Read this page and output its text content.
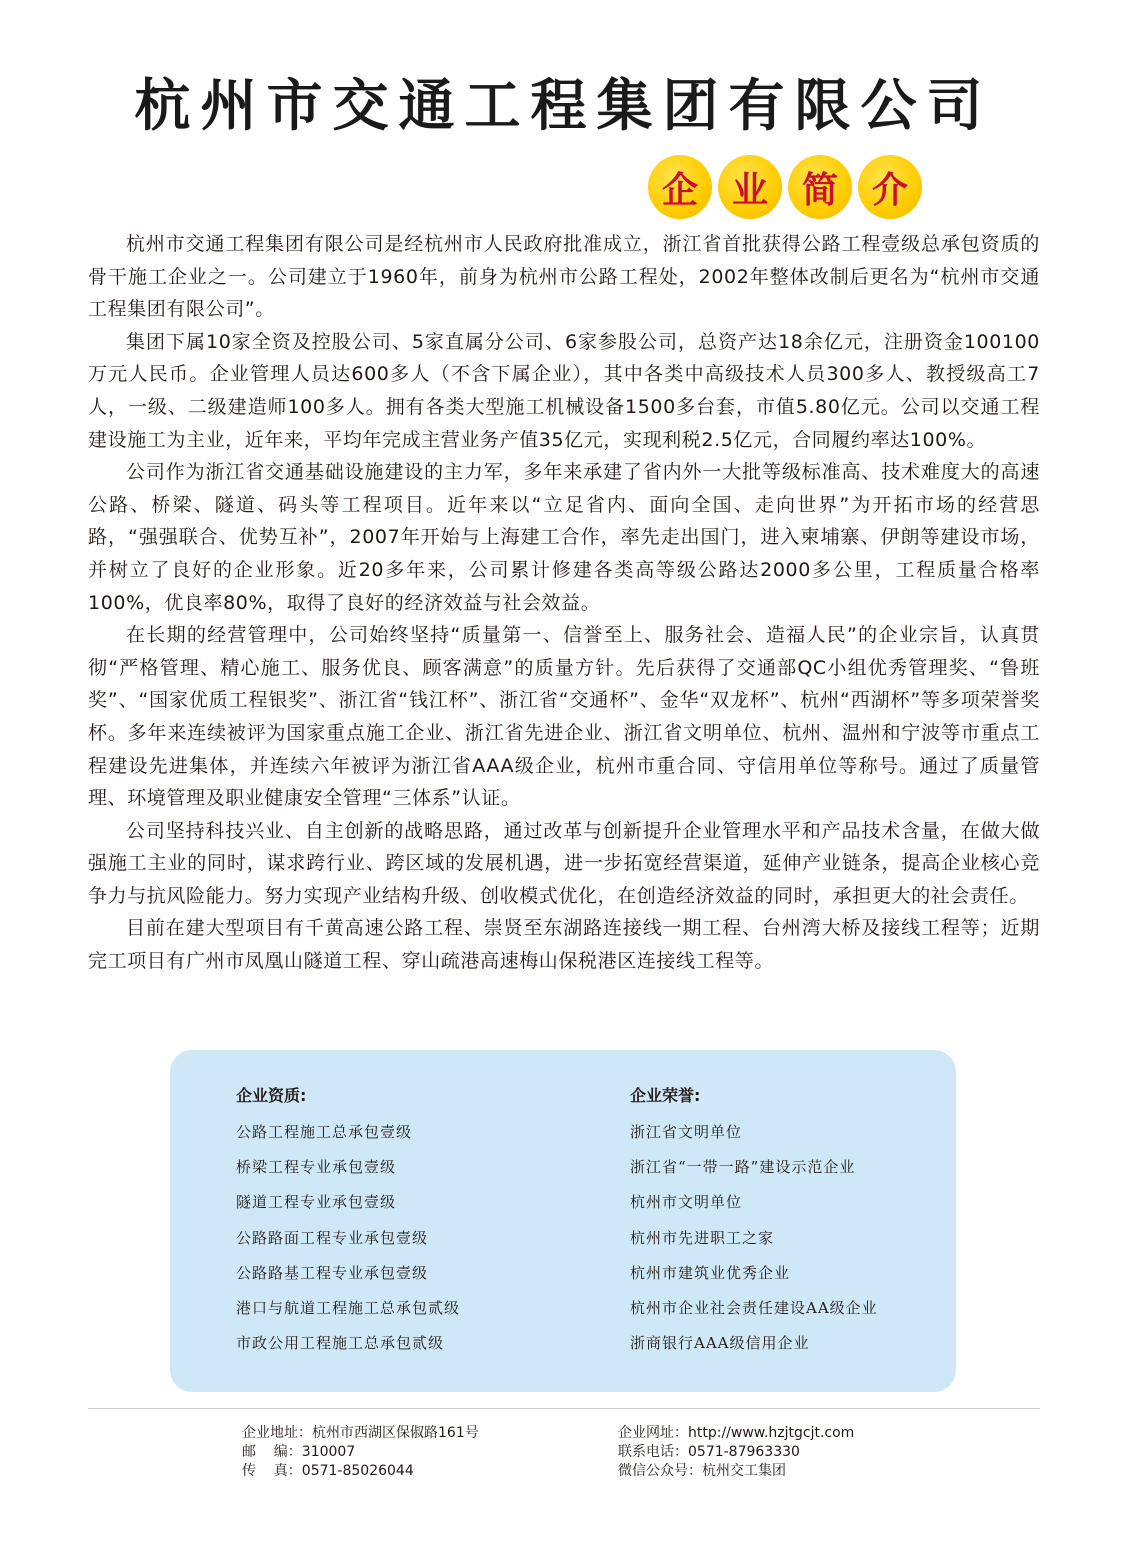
杭州市交通工程集团有限公司
企 业 简 介

杭州市交通工程集团有限公司是经杭州市人民政府批准成立，浙江省首批获得公路工程壹级总承包资质的骨干施工企业之一。公司建立于1960年，前身为杭州市公路工程处，2002年整体改制后更名为“杭州市交通工程集团有限公司”。

集团下属10家全资及控股公司、5家直属分公司、6家参股公司，总资产达18余亿元，注册资金100100万元人民币。企业管理人员达600多人（不含下属企业），其中各类中高级技术人员300多人、教授级高工7人，一级、二级建造师100多人。拥有各类大型施工机械设备1500多台套，市值5.80亿元。公司以交通工程建设施工为主业，近年来，平均年完成主营业务产值35亿元，实现利税2.5亿元，合同履约率达100%。

公司作为浙江省交通基础设施建设的主力军，多年来承建了省内外一大批等级标准高、技术难度大的高速公路、桥梁、隧道、码头等工程项目。近年来以“立足省内、面向全国、走向世界”为开拓市场的经营思路，“强强联合、优势互补”，2007年开始与上海建工合作，率先走出国门，进入柬埔寨、伊朗等建设市场，并树立了良好的企业形象。近20多年来，公司累计修建各类高等级公路达2000多公里，工程质量合格率100%，优良率80%，取得了良好的经济效益与社会效益。

在长期的经营管理中，公司始终坚持“质量第一、信誉至上、服务社会、造福人民”的企业宗旨，认真贯彻“严格管理、精心施工、服务优良、顾客满意”的质量方针。先后获得了交通部QC小组优秀管理奖、“鲁班奖”、“国家优质工程银奖”、浙江省“钱江杯”、浙江省“交通杯”、金华“双龙杯”、杭州“西湖杯”等多项荣誉奖杯。多年来连续被评为国家重点施工企业、浙江省先进企业、浙江省文明单位、杭州、温州和宁波等市重点工程建设先进集体，并连续六年被评为浙江省AAA级企业，杭州市重合同、守信用单位等称号。通过了质量管理、环境管理及职业健康安全管理“三体系”认证。

公司坚持科技兴业、自主创新的战略思路，通过改革与创新提升企业管理水平和产品技术含量，在做大做强施工主业的同时，谋求跨行业、跨区域的发展机遇，进一步拓宽经营渠道，延伸产业链条，提高企业核心竞争力与抗风险能力。努力实现产业结构升级、创收模式优化，在创造经济效益的同时，承担更大的社会责任。

目前在建大型项目有千黄高速公路工程、崇贤至东湖路连接线一期工程、台州湾大桥及接线工程等；近期完工项目有广州市凤凰山隧道工程、穿山疏港高速梅山保税港区连接线工程等。

企业资质:
公路工程施工总承包壹级
桥梁工程专业承包壹级
隧道工程专业承包壹级
公路路面工程专业承包壹级
公路路基工程专业承包壹级
港口与航道工程施工总承包贰级
市政公用工程施工总承包贰级
企业荣誉:
浙江省文明单位
浙江省“一带一路”建设示范企业
杭州市文明单位
杭州市先进职工之家
杭州市建筑业优秀企业
杭州市企业社会责任建设AA级企业
浙商银行AAA级信用企业
企业地址：杭州市西湖区保俶路161号
邮    编：310007
传    真：0571-85026044
企业网址：http://www.hzjtgcjt.com
联系电话：0571-87963330
微信公众号：杭州交工集团
